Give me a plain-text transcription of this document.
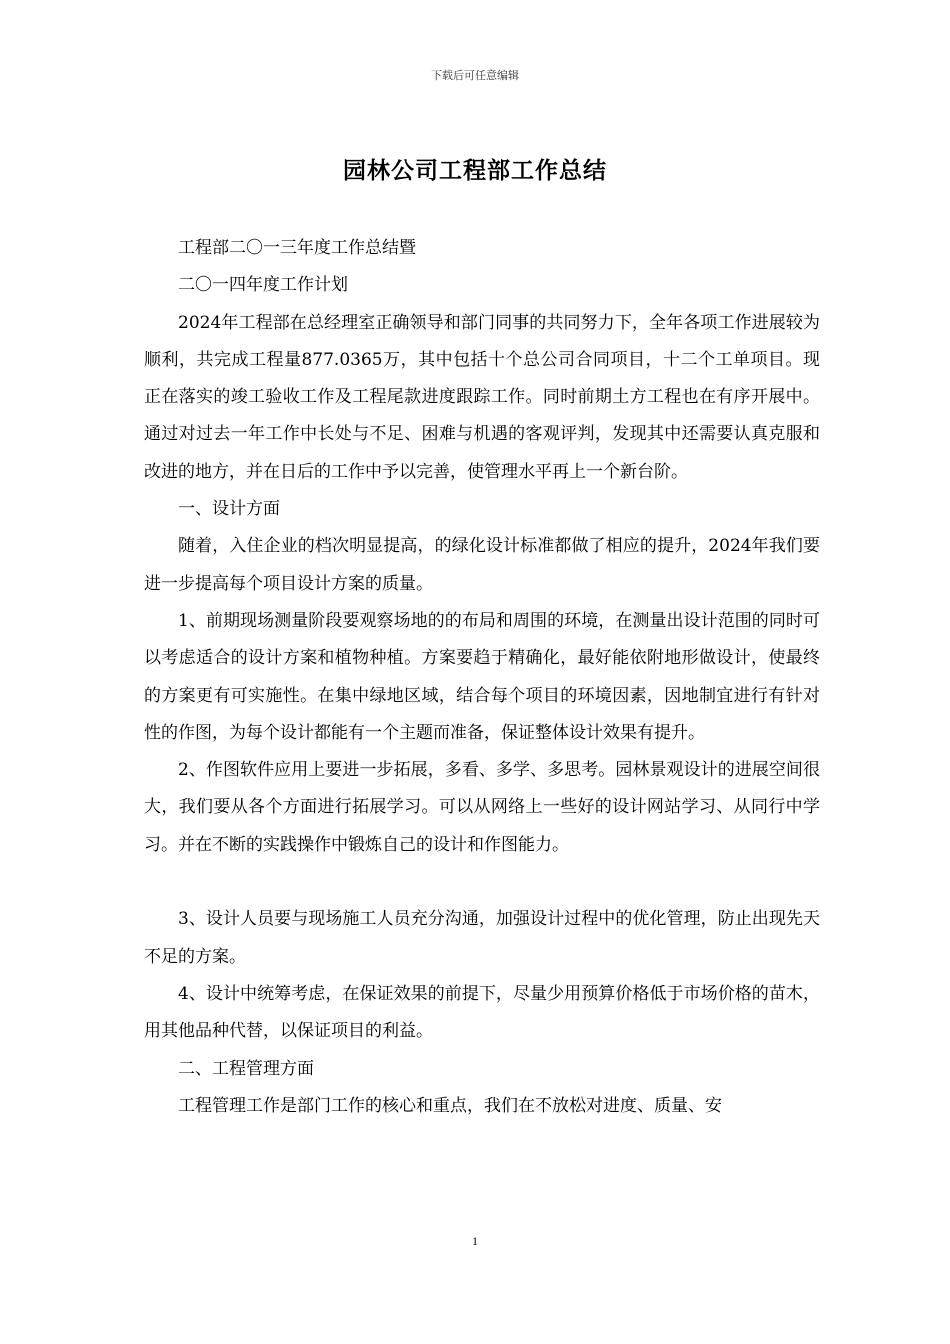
下载后可任意编辑
园林公司工程部工作总结

工程部二〇一三年度工作总结暨

二〇一四年度工作计划

2024年工程部在总经理室正确领导和部门同事的共同努力下，全年各项工作进展较为顺利，共完成工程量877.0365万，其中包括十个总公司合同项目，十二个工单项目。现正在落实的竣工验收工作及工程尾款进度跟踪工作。同时前期土方工程也在有序开展中。通过对过去一年工作中长处与不足、困难与机遇的客观评判，发现其中还需要认真克服和改进的地方，并在日后的工作中予以完善，使管理水平再上一个新台阶。

一、设计方面

随着，入住企业的档次明显提高，的绿化设计标准都做了相应的提升，2024年我们要进一步提高每个项目设计方案的质量。

1、前期现场测量阶段要观察场地的的布局和周围的环境，在测量出设计范围的同时可以考虑适合的设计方案和植物种植。方案要趋于精确化，最好能依附地形做设计，使最终的方案更有可实施性。在集中绿地区域，结合每个项目的环境因素，因地制宜进行有针对性的作图，为每个设计都能有一个主题而准备，保证整体设计效果有提升。

2、作图软件应用上要进一步拓展，多看、多学、多思考。园林景观设计的进展空间很大，我们要从各个方面进行拓展学习。可以从网络上一些好的设计网站学习、从同行中学习。并在不断的实践操作中锻炼自己的设计和作图能力。

3、设计人员要与现场施工人员充分沟通，加强设计过程中的优化管理，防止出现先天不足的方案。

4、设计中统筹考虑，在保证效果的前提下，尽量少用预算价格低于市场价格的苗木，用其他品种代替，以保证项目的利益。

二、工程管理方面

工程管理工作是部门工作的核心和重点，我们在不放松对进度、质量、安

1
